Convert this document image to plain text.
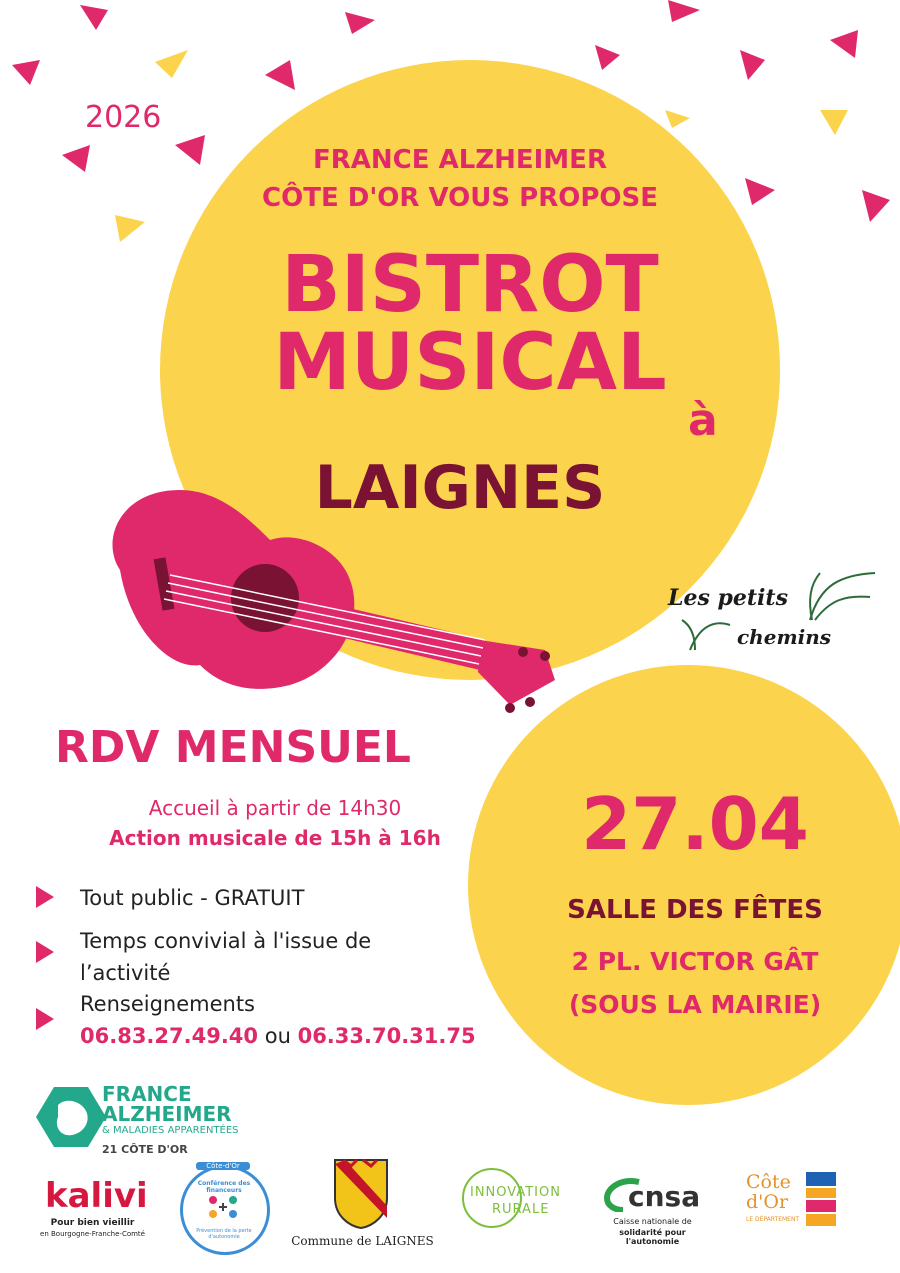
2026
FRANCE ALZHEIMER
CÔTE D'OR VOUS PROPOSE
BISTROT
MUSICAL
à
LAIGNES
Les petits
chemins
RDV MENSUEL
Accueil à partir de 14h30
Action musicale de 15h à 16h
Tout public - GRATUIT
Temps convivial à l'issue de
l’activité
Renseignements
06.83.27.49.40 ou 06.33.70.31.75
27.04
SALLE DES FÊTES
2 PL. VICTOR GÂT
(SOUS LA MAIRIE)
FRANCE
ALZHEIMER
& MALADIES APPARENTÉES
21 CÔTE D'OR
kalivi
Pour bien vieillir
en Bourgogne-Franche-Comté
Côte-d'Or
Conférence des financeurs
Prévention de la perte d'autonomie	Commune de LAIGNES
INNOVATION
RURALE	cnsa
Caisse nationale de
solidarité pour l'autonomie
Côte
d'Or
LE DÉPARTEMENT
